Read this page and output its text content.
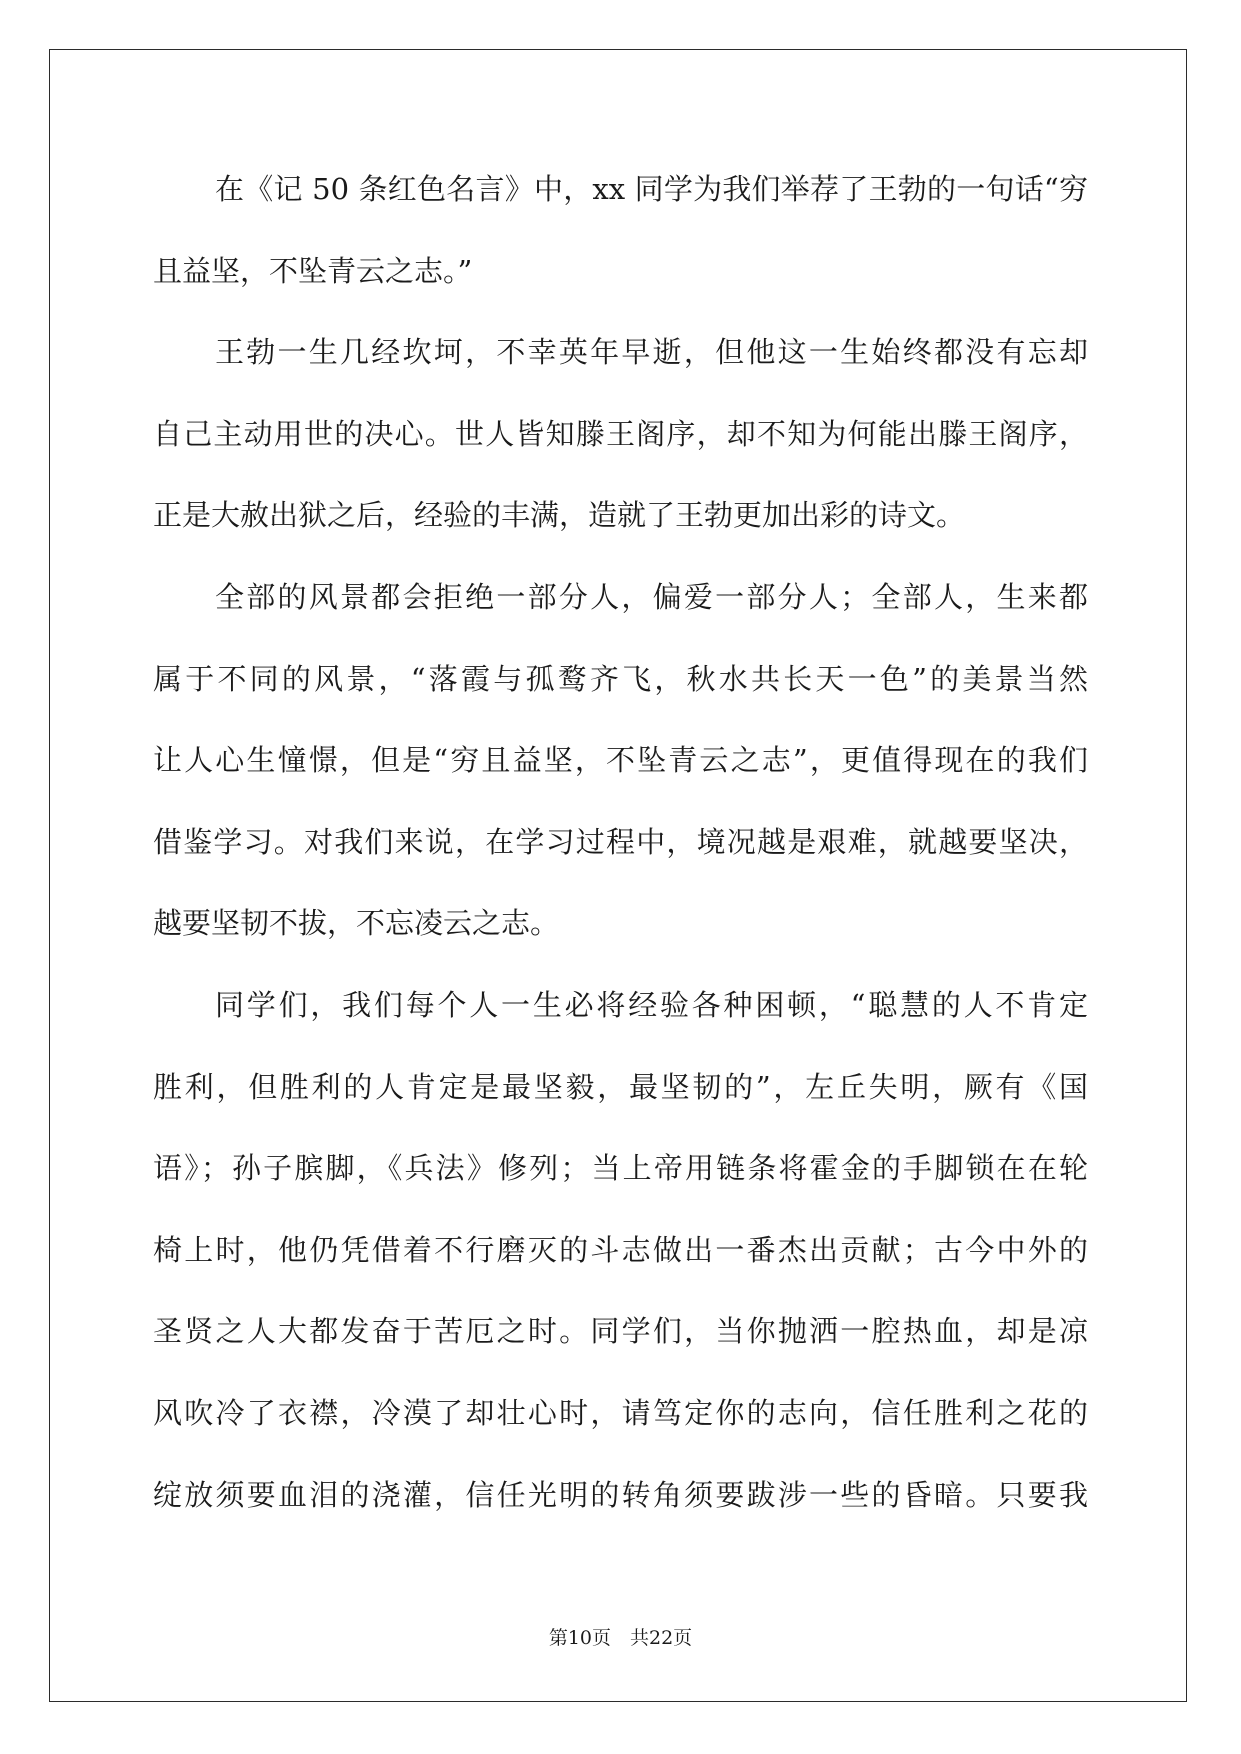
在《记 50 条红色名言》中，xx 同学为我们举荐了王勃的一句话“穷
且益坚，不坠青云之志。”
王勃一生几经坎坷，不幸英年早逝，但他这一生始终都没有忘却
自己主动用世的决心。世人皆知滕王阁序，却不知为何能出滕王阁序，
正是大赦出狱之后，经验的丰满，造就了王勃更加出彩的诗文。
全部的风景都会拒绝一部分人，偏爱一部分人；全部人，生来都
属于不同的风景，“落霞与孤鹜齐飞，秋水共长天一色”的美景当然
让人心生憧憬，但是“穷且益坚，不坠青云之志”，更值得现在的我们
借鉴学习。对我们来说，在学习过程中，境况越是艰难，就越要坚决，
越要坚韧不拔，不忘凌云之志。
同学们，我们每个人一生必将经验各种困顿，“聪慧的人不肯定
胜利，但胜利的人肯定是最坚毅，最坚韧的”，左丘失明，厥有《国
语》；孙子膑脚，《兵法》修列；当上帝用链条将霍金的手脚锁在在轮
椅上时，他仍凭借着不行磨灭的斗志做出一番杰出贡献；古今中外的
圣贤之人大都发奋于苦厄之时。同学们，当你抛洒一腔热血，却是凉
风吹冷了衣襟，冷漠了却壮心时，请笃定你的志向，信任胜利之花的
绽放须要血泪的浇灌，信任光明的转角须要跋涉一些的昏暗。只要我
第10页　共22页
